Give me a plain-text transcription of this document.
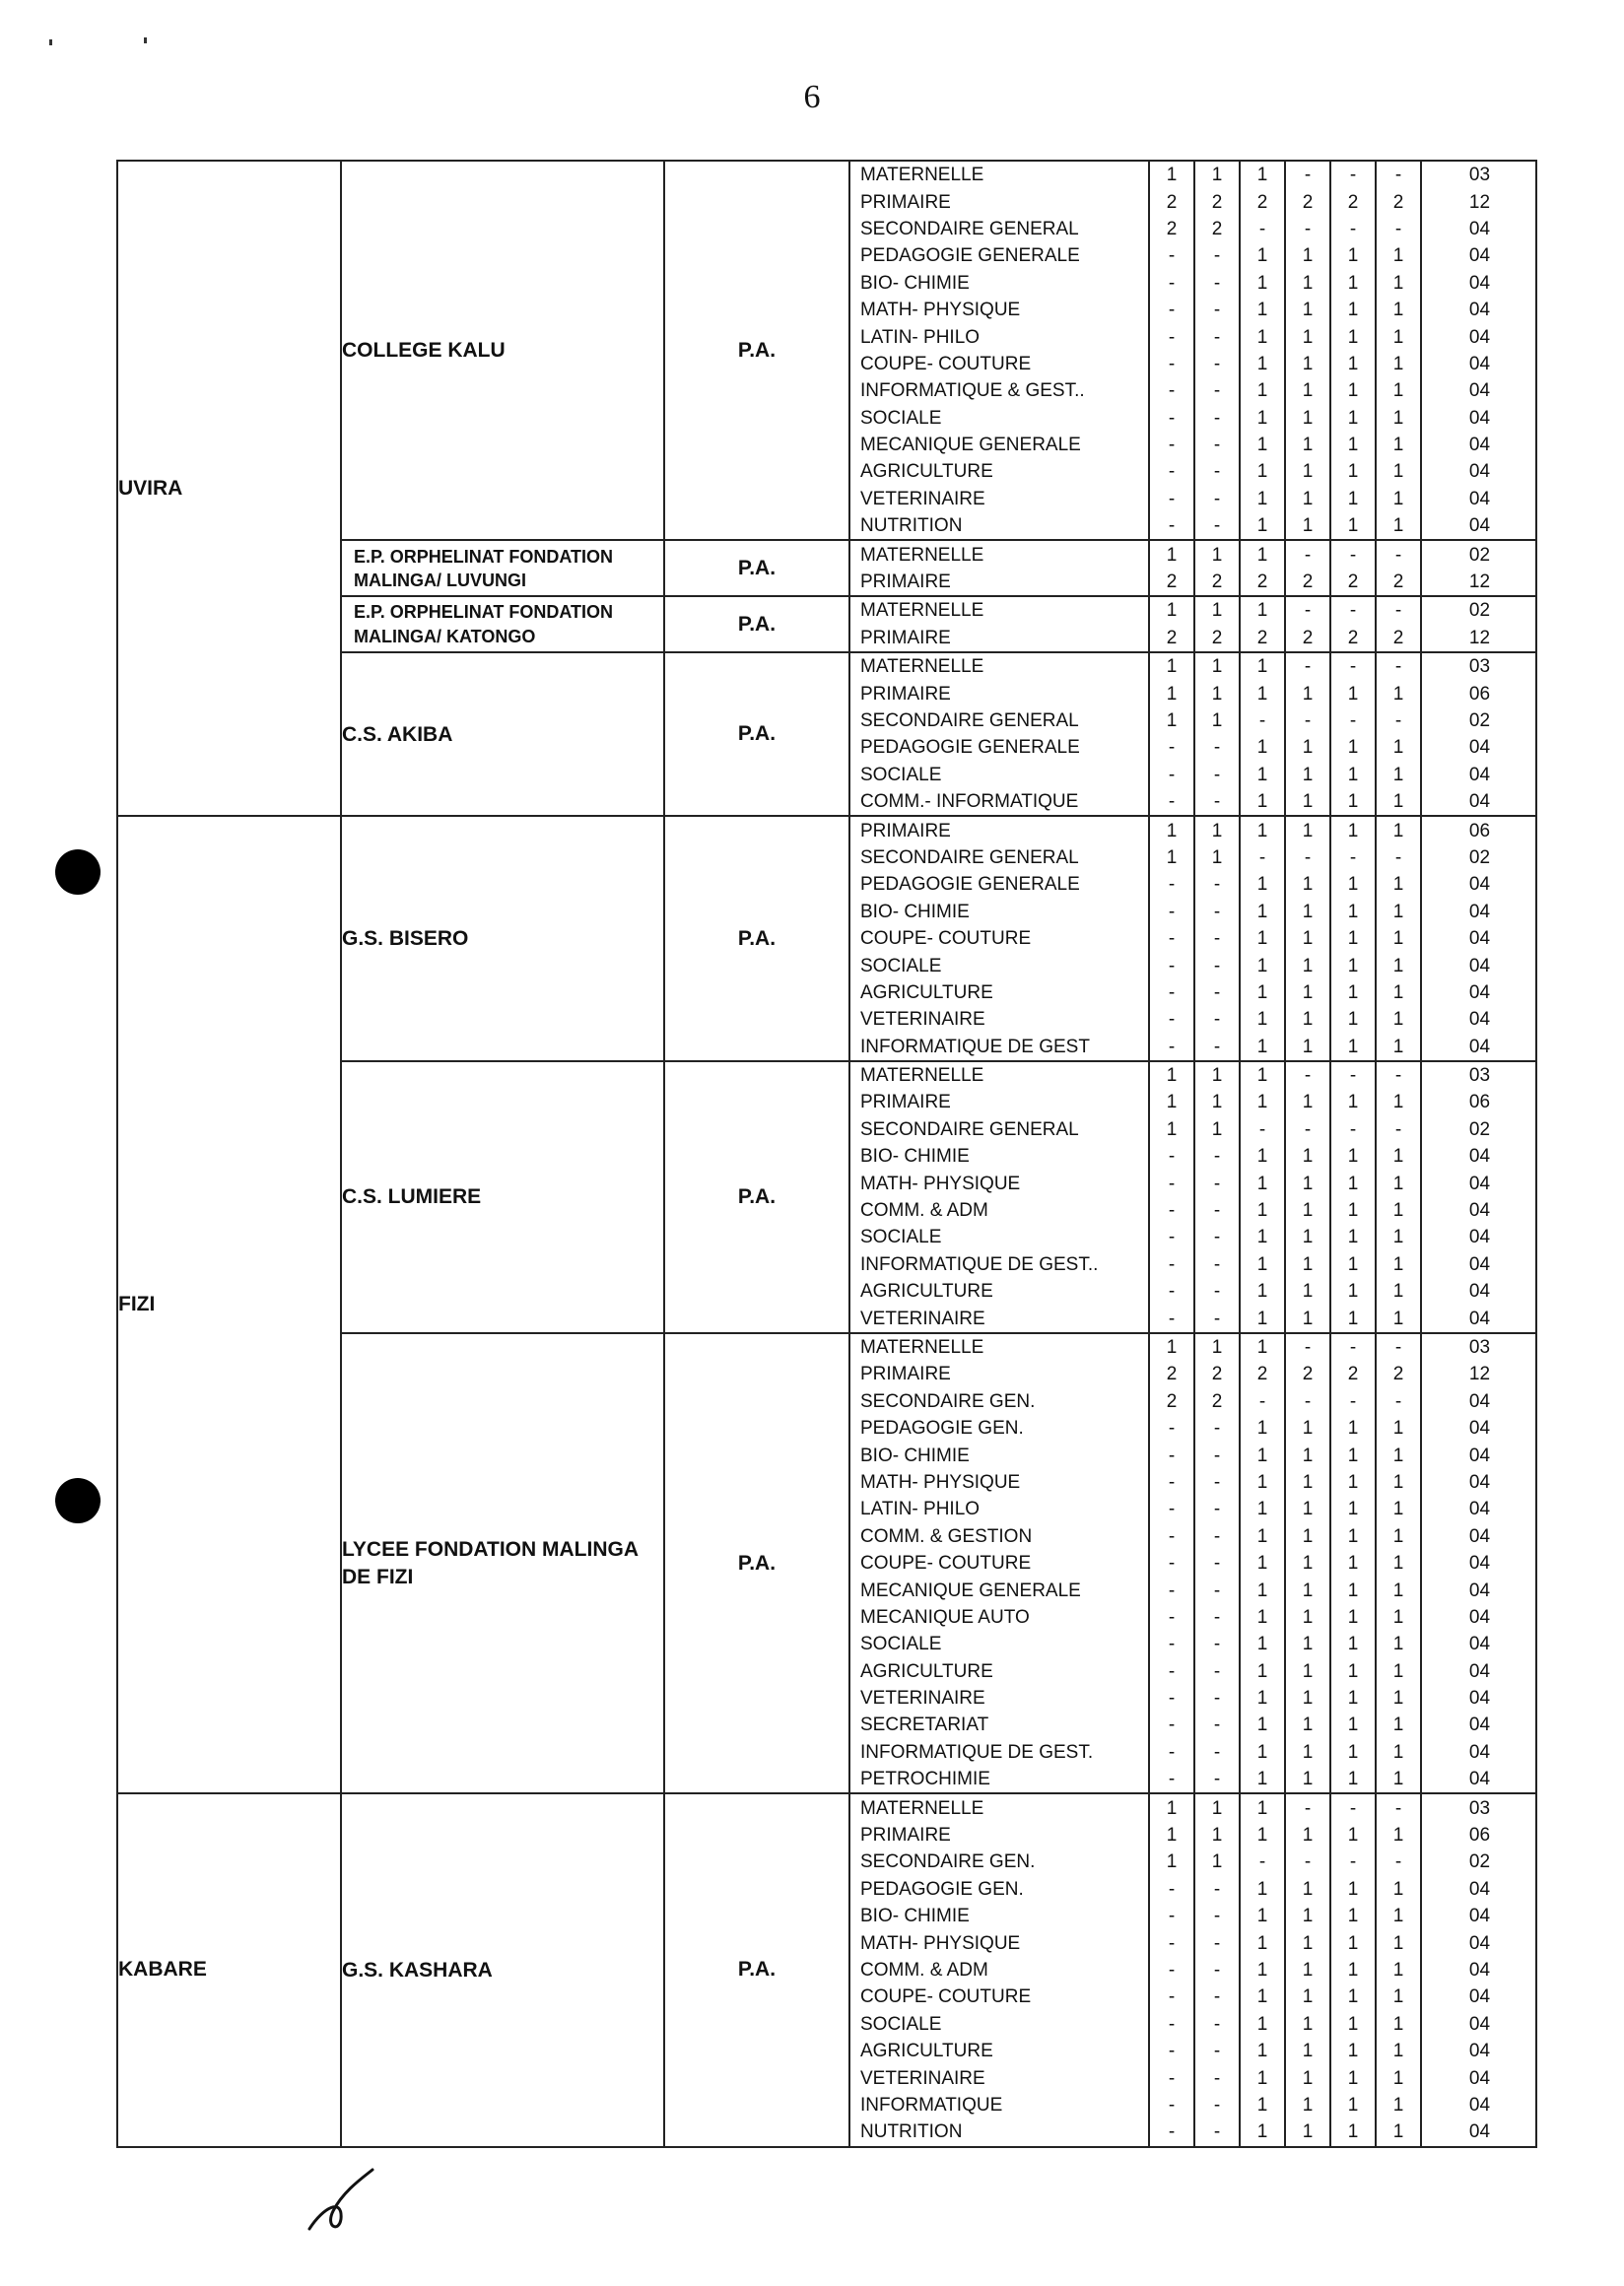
6
UVIRA	COLLEGE KALU	P.A.	
MATERNELLE	1	1	1	-	-	-	03
PRIMAIRE	2	2	2	2	2	2	12
SECONDAIRE GENERAL	2	2	-	-	-	-	04
PEDAGOGIE GENERALE	-	-	1	1	1	1	04
BIO- CHIMIE	-	-	1	1	1	1	04
MATH- PHYSIQUE	-	-	1	1	1	1	04
LATIN- PHILO	-	-	1	1	1	1	04
COUPE- COUTURE	-	-	1	1	1	1	04
INFORMATIQUE & GEST..	-	-	1	1	1	1	04
SOCIALE	-	-	1	1	1	1	04
MECANIQUE GENERALE	-	-	1	1	1	1	04
AGRICULTURE	-	-	1	1	1	1	04
VETERINAIRE	-	-	1	1	1	1	04
NUTRITION	-	-	1	1	1	1	04

E.P. ORPHELINAT FONDATION MALINGA/ LUVUNGI	P.A.	
MATERNELLE	1	1	1	-	-	-	02
PRIMAIRE	2	2	2	2	2	2	12

E.P. ORPHELINAT FONDATION MALINGA/ KATONGO	P.A.	
MATERNELLE	1	1	1	-	-	-	02
PRIMAIRE	2	2	2	2	2	2	12

C.S. AKIBA	P.A.	
MATERNELLE	1	1	1	-	-	-	03
PRIMAIRE	1	1	1	1	1	1	06
SECONDAIRE GENERAL	1	1	-	-	-	-	02
PEDAGOGIE GENERALE	-	-	1	1	1	1	04
SOCIALE	-	-	1	1	1	1	04
COMM.- INFORMATIQUE	-	-	1	1	1	1	04

FIZI	G.S. BISERO	P.A.	
PRIMAIRE	1	1	1	1	1	1	06
SECONDAIRE GENERAL	1	1	-	-	-	-	02
PEDAGOGIE GENERALE	-	-	1	1	1	1	04
BIO- CHIMIE	-	-	1	1	1	1	04
COUPE- COUTURE	-	-	1	1	1	1	04
SOCIALE	-	-	1	1	1	1	04
AGRICULTURE	-	-	1	1	1	1	04
VETERINAIRE	-	-	1	1	1	1	04
INFORMATIQUE DE GEST	-	-	1	1	1	1	04

C.S. LUMIERE	P.A.	
MATERNELLE	1	1	1	-	-	-	03
PRIMAIRE	1	1	1	1	1	1	06
SECONDAIRE GENERAL	1	1	-	-	-	-	02
BIO- CHIMIE	-	-	1	1	1	1	04
MATH- PHYSIQUE	-	-	1	1	1	1	04
COMM. & ADM	-	-	1	1	1	1	04
SOCIALE	-	-	1	1	1	1	04
INFORMATIQUE DE GEST..	-	-	1	1	1	1	04
AGRICULTURE	-	-	1	1	1	1	04
VETERINAIRE	-	-	1	1	1	1	04

LYCEE FONDATION MALINGA DE FIZI	P.A.	
MATERNELLE	1	1	1	-	-	-	03
PRIMAIRE	2	2	2	2	2	2	12
SECONDAIRE GEN.	2	2	-	-	-	-	04
PEDAGOGIE GEN.	-	-	1	1	1	1	04
BIO- CHIMIE	-	-	1	1	1	1	04
MATH- PHYSIQUE	-	-	1	1	1	1	04
LATIN- PHILO	-	-	1	1	1	1	04
COMM. & GESTION	-	-	1	1	1	1	04
COUPE- COUTURE	-	-	1	1	1	1	04
MECANIQUE GENERALE	-	-	1	1	1	1	04
MECANIQUE AUTO	-	-	1	1	1	1	04
SOCIALE	-	-	1	1	1	1	04
AGRICULTURE	-	-	1	1	1	1	04
VETERINAIRE	-	-	1	1	1	1	04
SECRETARIAT	-	-	1	1	1	1	04
INFORMATIQUE DE GEST.	-	-	1	1	1	1	04
PETROCHIMIE	-	-	1	1	1	1	04

KABARE	G.S. KASHARA	P.A.	
MATERNELLE	1	1	1	-	-	-	03
PRIMAIRE	1	1	1	1	1	1	06
SECONDAIRE GEN.	1	1	-	-	-	-	02
PEDAGOGIE GEN.	-	-	1	1	1	1	04
BIO- CHIMIE	-	-	1	1	1	1	04
MATH- PHYSIQUE	-	-	1	1	1	1	04
COMM. & ADM	-	-	1	1	1	1	04
COUPE- COUTURE	-	-	1	1	1	1	04
SOCIALE	-	-	1	1	1	1	04
AGRICULTURE	-	-	1	1	1	1	04
VETERINAIRE	-	-	1	1	1	1	04
INFORMATIQUE	-	-	1	1	1	1	04
NUTRITION	-	-	1	1	1	1	04
